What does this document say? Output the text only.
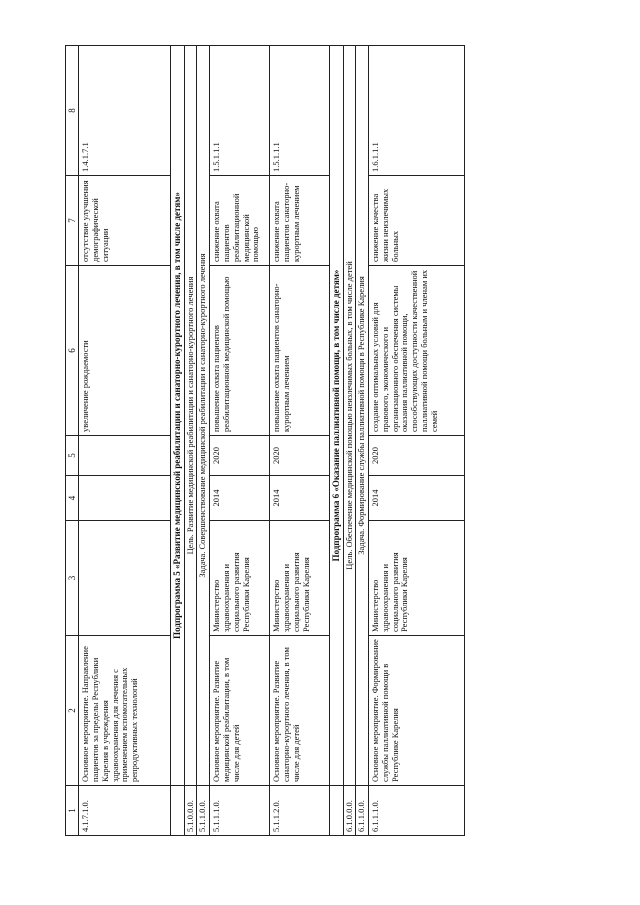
1	2	3	4	5	6	7	8
4.1.7.1.0.	Основное мероприятие. Направление пациентов за пределы Республики Карелия в учреждения здравоохранения для лечения с применением вспомогательных репродуктивных технологий				увеличение рождаемости	отсутствие улучшения демографической ситуации	1.4.1.7.1
	Подпрограмма 5 «Развитие медицинской реабилитации и санаторно-курортного лечения, в том числе детям»						
5.1.0.0.0.	Цель. Развитие медицинской реабилитации и санаторно-курортного лечения						
5.1.1.0.0.	Задача. Совершенствование медицинской реабилитации и санаторно-курортного лечения						
5.1.1.1.0.	Основное мероприятие. Развитие медицинской реабилитации, в том числе для детей	Министерство здравоохранения и социального развития Республики Карелия	2014	2020	повышение охвата пациентов реабилитационной медицинской помощью	снижение охвата пациентов реабилитационной медицинской помощью	1.5.1.1.1
5.1.1.2.0.	Основное мероприятие. Развитие санаторно-курортного лечения, в том числе для детей	Министерство здравоохранения и социального развития Республики Карелия	2014	2020	повышение охвата пациентов санаторно-курортным лечением	снижение охвата пациентов санаторно-курортным лечением	1.5.1.1.1
	Подпрограмма 6 «Оказание паллиативной помощи, в том числе детям»						
6.1.0.0.0.	Цель. Обеспечение медицинской помощью неизлечимых больных, в том числе детей						
6.1.1.0.0.	Задача. Формирование службы паллиативной помощи в Республике Карелия						
6.1.1.1.0.	Основное мероприятие. Формирование службы паллиативной помощи в Республике Карелия	Министерство здравоохранения и социального развития Республики Карелия	2014	2020	создание оптимальных условий для правового, экономического и организационного обеспечения системы оказания паллиативной помощи, способствующих доступности качественной паллиативной помощи больным и членам их семей	снижение качества жизни неизлечимых больных	1.6.1.1.1
